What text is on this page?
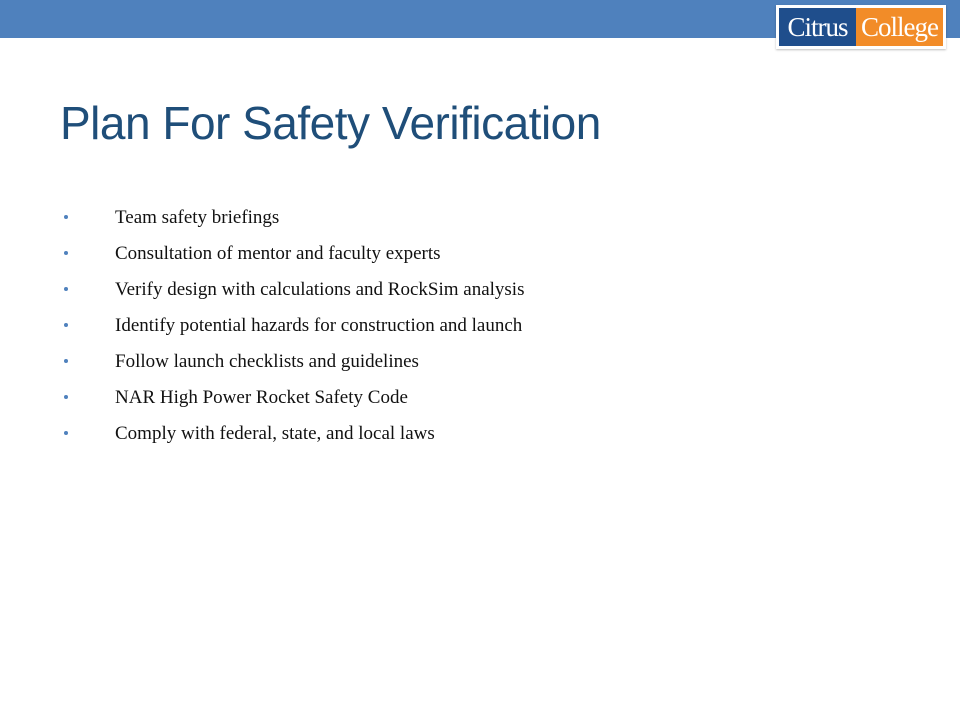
Citrus College
Plan For Safety Verification
Team safety briefings
Consultation of mentor and faculty experts
Verify design with calculations and RockSim analysis
Identify potential hazards for construction and launch
Follow launch checklists and guidelines
NAR High Power Rocket Safety Code
Comply with federal, state, and local laws
